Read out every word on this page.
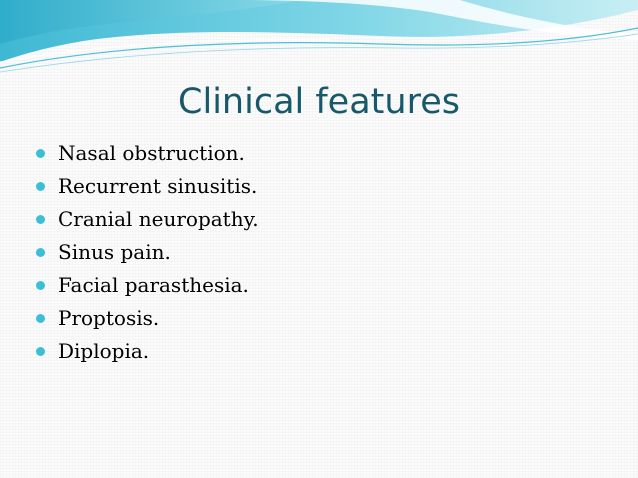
Clinical features
Nasal obstruction.
Recurrent sinusitis.
Cranial neuropathy.
Sinus pain.
Facial parasthesia.
Proptosis.
Diplopia.
